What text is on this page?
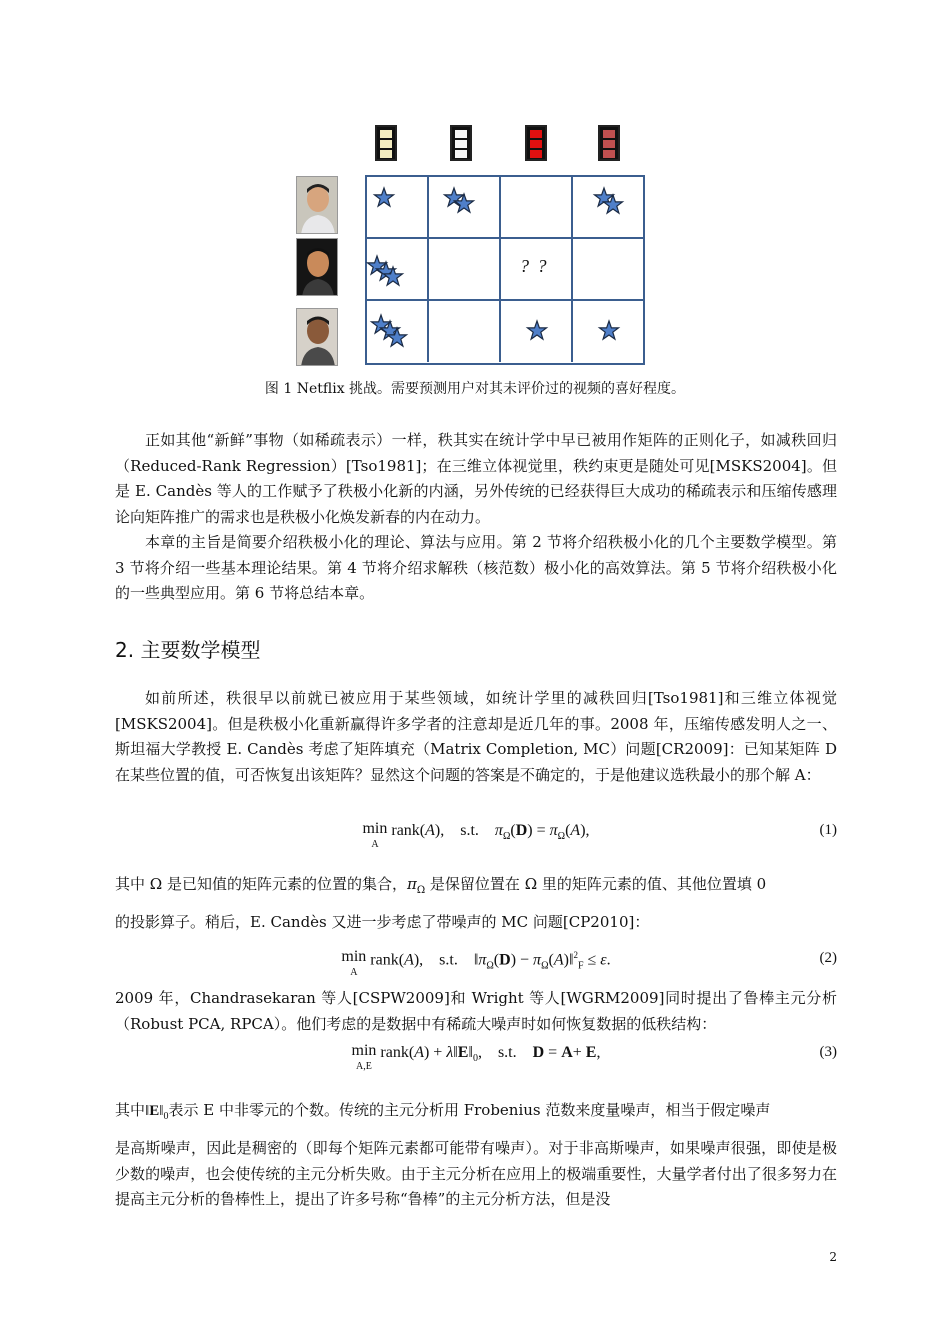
? ?
图 1 Netflix 挑战。需要预测用户对其未评价过的视频的喜好程度。

正如其他“新鲜”事物（如稀疏表示）一样，秩其实在统计学中早已被用作矩阵的正则化子，如减秩回归（Reduced-Rank Regression）[Tso1981]；在三维立体视觉里，秩约束更是随处可见[MSKS2004]。但是 E. Candès 等人的工作赋予了秩极小化新的内涵，另外传统的已经获得巨大成功的稀疏表示和压缩传感理论向矩阵推广的需求也是秩极小化焕发新春的内在动力。

本章的主旨是简要介绍秩极小化的理论、算法与应用。第 2 节将介绍秩极小化的几个主要数学模型。第 3 节将介绍一些基本理论结果。第 4 节将介绍求解秩（核范数）极小化的高效算法。第 5 节将介绍秩极小化的一些典型应用。第 6 节将总结本章。

2. 主要数学模型

如前所述，秩很早以前就已被应用于某些领域，如统计学里的减秩回归[Tso1981]和三维立体视觉[MSKS2004]。但是秩极小化重新赢得许多学者的注意却是近几年的事。2008 年，压缩传感发明人之一、斯坦福大学教授 E. Candès 考虑了矩阵填充（Matrix Completion, MC）问题[CR2009]：已知某矩阵 D 在某些位置的值，可否恢复出该矩阵？显然这个问题的答案是不确定的，于是他建议选秩最小的那个解 A：

min
A rank(A),    s.t.    $\pi_\Omega(D) = \pi_\Omega(A)$,	(1)

其中 Ω 是已知值的矩阵元素的位置的集合，$\pi_\Omega$ 是保留位置在 Ω 里的矩阵元素的值、其他位置填 0

的投影算子。稍后，E. Candès 又进一步考虑了带噪声的 MC 问题[CP2010]：

min
A rank(A),    s.t.    $‖\pi_\Omega(D)$ − $\pi_\Omega(A)‖^2_F \le \varepsilon$.	(2)

2009 年，Chandrasekaran 等人[CSPW2009]和 Wright 等人[WGRM2009]同时提出了鲁棒主元分析（Robust PCA, RPCA）。他们考虑的是数据中有稀疏大噪声时如何恢复数据的低秩结构：

min
A,E rank(A) + $\lambda‖E‖_0$,    s.t.    D = A+ E,	(3)

其中$‖E‖_0$表示 E 中非零元的个数。传统的主元分析用 Frobenius 范数来度量噪声，相当于假定噪声

是高斯噪声，因此是稠密的（即每个矩阵元素都可能带有噪声）。对于非高斯噪声，如果噪声很强，即使是极少数的噪声，也会使传统的主元分析失败。由于主元分析在应用上的极端重要性，大量学者付出了很多努力在提高主元分析的鲁棒性上，提出了许多号称“鲁棒”的主元分析方法，但是没

2
